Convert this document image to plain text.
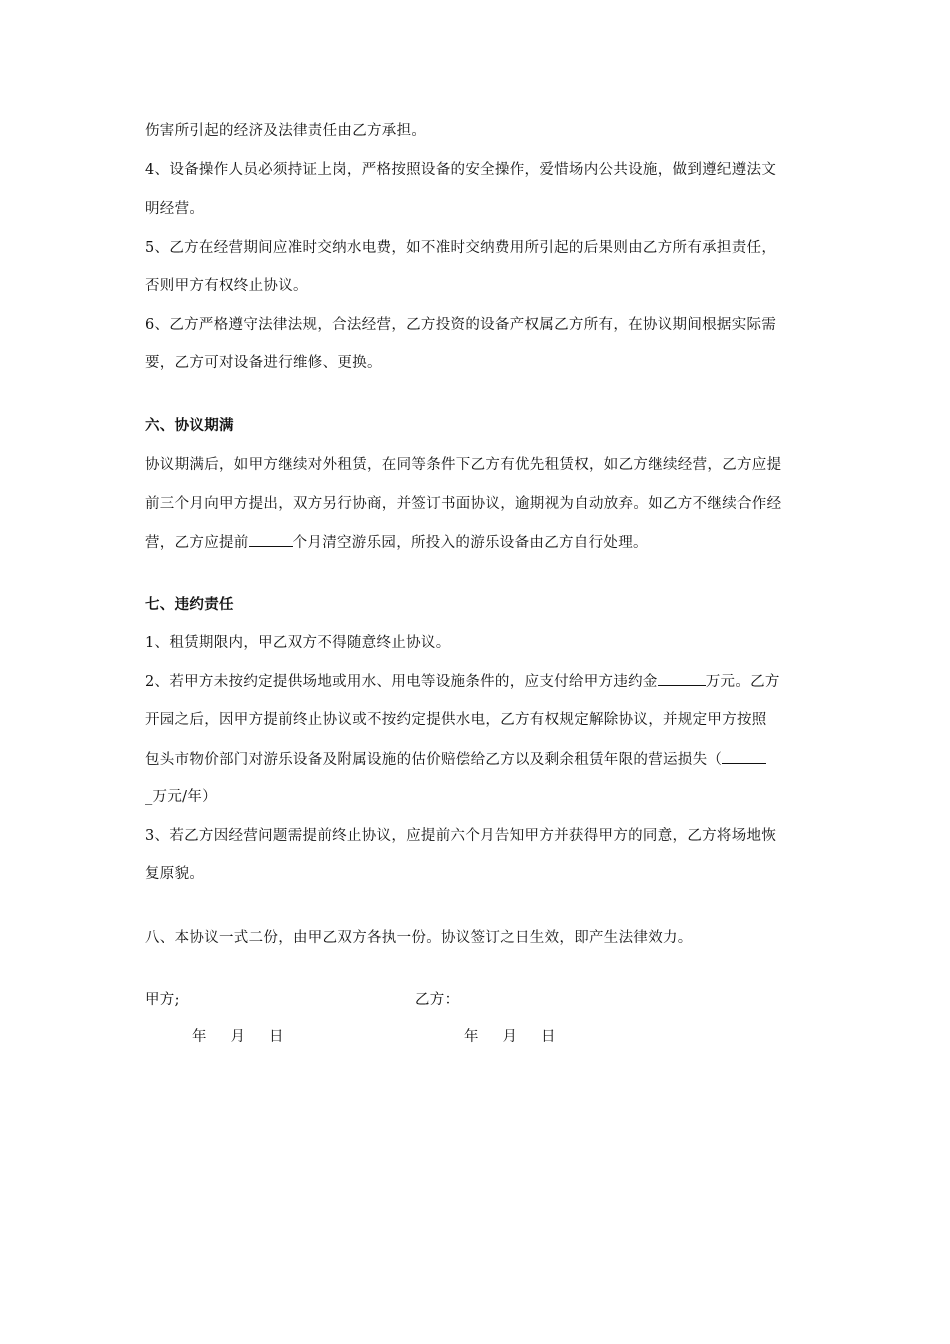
伤害所引起的经济及法律责任由乙方承担。
4、设备操作人员必须持证上岗，严格按照设备的安全操作，爱惜场内公共设施，做到遵纪遵法文
明经营。
5、乙方在经营期间应准时交纳水电费，如不准时交纳费用所引起的后果则由乙方所有承担责任，
否则甲方有权终止协议。
6、乙方严格遵守法律法规，合法经营，乙方投资的设备产权属乙方所有，在协议期间根据实际需
要，乙方可对设备进行维修、更换。
六、协议期满
协议期满后，如甲方继续对外租赁，在同等条件下乙方有优先租赁权，如乙方继续经营，乙方应提
前三个月向甲方提出，双方另行协商，并签订书面协议，逾期视为自动放弃。如乙方不继续合作经
营，乙方应提前	个月清空游乐园，所投入的游乐设备由乙方自行处理。
七、违约责任
1、租赁期限内，甲乙双方不得随意终止协议。
2、若甲方未按约定提供场地或用水、用电等设施条件的，应支付给甲方违约金	万元。乙方
开园之后，因甲方提前终止协议或不按约定提供水电，乙方有权规定解除协议，并规定甲方按照
包头市物价部门对游乐设备及附属设施的估价赔偿给乙方以及剩余租赁年限的营运损失（
_万元/年）
3、若乙方因经营问题需提前终止协议，应提前六个月告知甲方并获得甲方的同意，乙方将场地恢
复原貌。
八、本协议一式二份，由甲乙双方各执一份。协议签订之日生效，即产生法律效力。
甲方;	乙方：
年 月 日	年 月 日
